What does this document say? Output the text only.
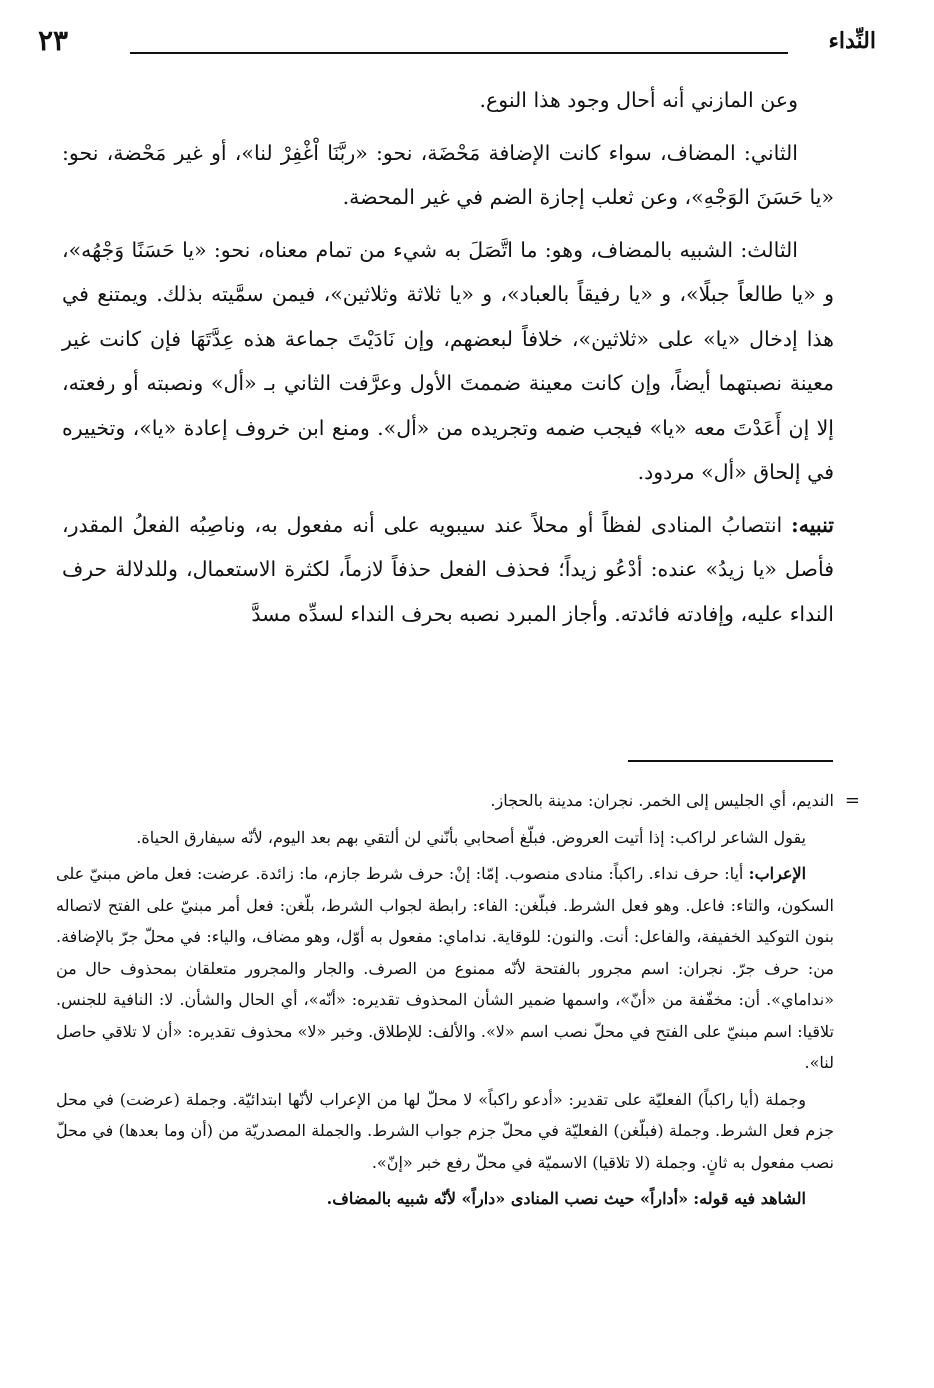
النِّداء
٢٣

وعن المازني أنه أحال وجود هذا النوع.

الثاني: المضاف، سواء كانت الإضافة مَحْضَة، نحو: «ربَّنَا اْغْفِرْ لنا»، أو غير مَحْضة، نحو: «يا حَسَنَ الوَجْهِ»، وعن ثعلب إجازة الضم في غير المحضة.

الثالث: الشبيه بالمضاف، وهو: ما اتَّصَلَ به شيء من تمام معناه، نحو: «يا حَسَنًا وَجْهُه»، و «يا طالعاً جبلًا»، و «يا رفيقاً بالعباد»، و «يا ثلاثة وثلاثين»، فيمن سمَّيته بذلك. ويمتنع في هذا إدخال «يا» على «ثلاثين»، خلافاً لبعضهم، وإن نَادَيْتَ جماعة هذه عِدَّتَهَا فإن كانت غير معينة نصبتهما أيضاً، وإن كانت معينة ضممتَ الأول وعرَّفت الثاني بـ «أل» ونصبته أو رفعته، إلا إن أَعَدْتَ معه «يا» فيجب ضمه وتجريده من «أل». ومنع ابن خروف إعادة «يا»، وتخييره في إلحاق «أل» مردود.

تنبيه: انتصابُ المنادى لفظاً أو محلاً عند سيبويه على أنه مفعول به، وناصِبُه الفعلُ المقدر، فأصل «يا زيدُ» عنده: أدْعُو زيداً؛ فحذف الفعل حذفاً لازماً، لكثرة الاستعمال، وللدلالة حرف النداء عليه، وإفادته فائدته. وأجاز المبرد نصبه بحرف النداء لسدِّه مسدَّ

=
النديم، أي الجليس إلى الخمر. نجران: مدينة بالحجاز.

يقول الشاعر لراكب: إذا أتيت العروض. فبلّغ أصحابي بأنّني لن ألتقي بهم بعد اليوم، لأنّه سيفارق الحياة.

الإعراب: أيا: حرف نداء. راكباً: منادى منصوب. إمّا: إنْ: حرف شرط جازم، ما: زائدة. عرضت: فعل ماض مبنيّ على السكون، والتاء: فاعل. وهو فعل الشرط. فبلّغن: الفاء: رابطة لجواب الشرط، بلّغن: فعل أمر مبنيّ على الفتح لاتصاله بنون التوكيد الخفيفة، والفاعل: أنت. والنون: للوقاية. نداماي: مفعول به أوّل، وهو مضاف، والياء: في محلّ جرّ بالإضافة. من: حرف جرّ. نجران: اسم مجرور بالفتحة لأنّه ممنوع من الصرف. والجار والمجرور متعلقان بمحذوف حال من «نداماي». أن: مخفّفة من «أنّ»، واسمها ضمير الشأن المحذوف تقديره: «أنّه»، أي الحال والشأن. لا: النافية للجنس. تلاقيا: اسم مبنيّ على الفتح في محلّ نصب اسم «لا». والألف: للإطلاق. وخبر «لا» محذوف تقديره: «أن لا تلاقي حاصل لنا».

وجملة (أيا راكباً) الفعليّة على تقدير: «أدعو راكباً» لا محلّ لها من الإعراب لأنّها ابتدائيّة. وجملة (عرضت) في محل جزم فعل الشرط. وجملة (فبلّغن) الفعليّة في محلّ جزم جواب الشرط. والجملة المصدريّة من (أن وما بعدها) في محلّ نصب مفعول به ثانٍ. وجملة (لا تلاقيا) الاسميّة في محلّ رفع خبر «إنّ».

الشاهد فيه قوله: «أداراً» حيث نصب المنادى «داراً» لأنّه شبيه بالمضاف.
